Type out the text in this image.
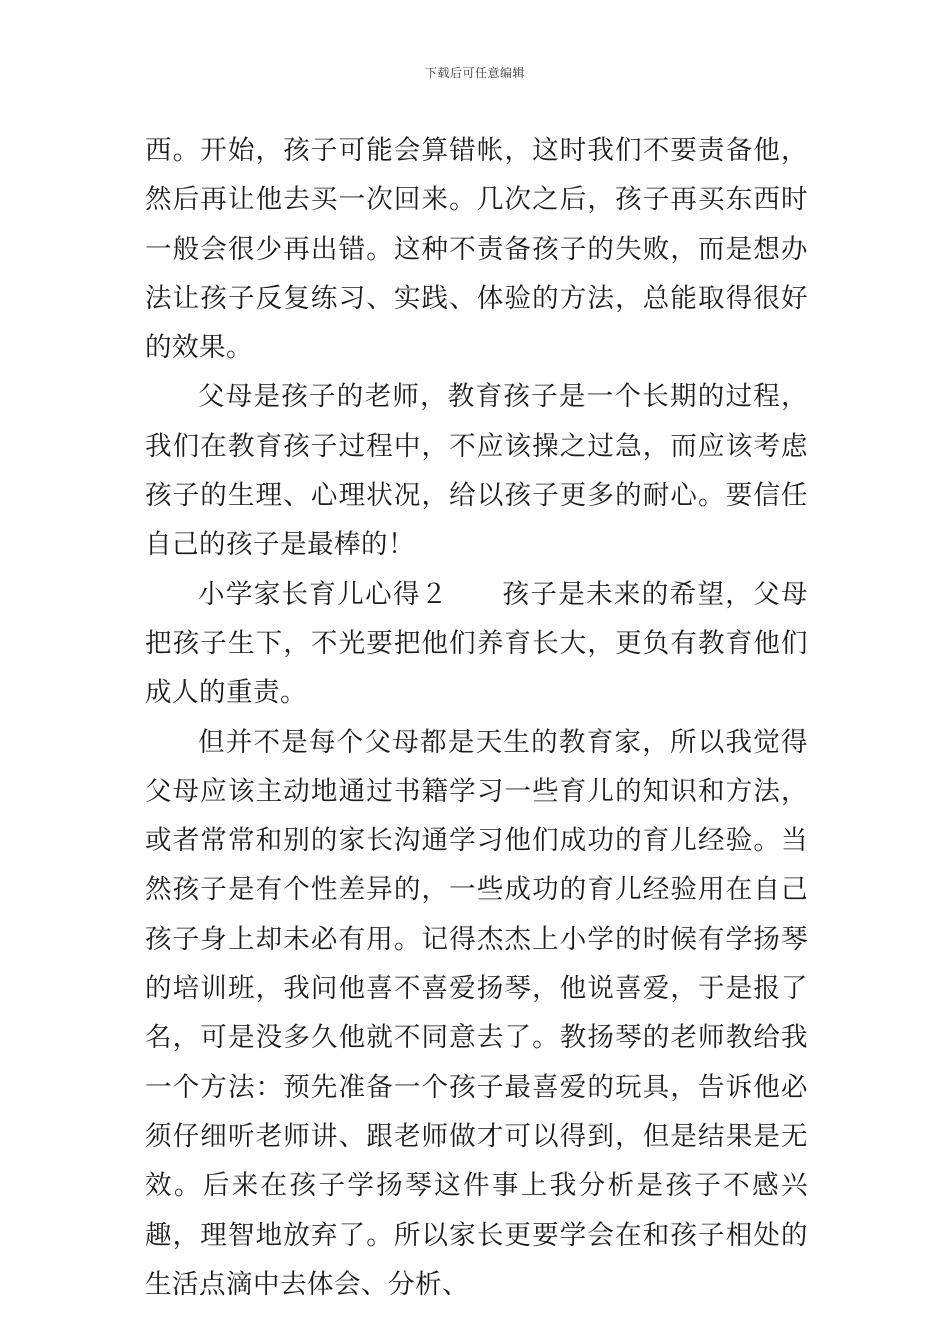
下载后可任意编辑

西。开始，孩子可能会算错帐，这时我们不要责备他，然后再让他去买一次回来。几次之后，孩子再买东西时一般会很少再出错。这种不责备孩子的失败，而是想办法让孩子反复练习、实践、体验的方法，总能取得很好的效果。

父母是孩子的老师，教育孩子是一个长期的过程，我们在教育孩子过程中，不应该操之过急，而应该考虑孩子的生理、心理状况，给以孩子更多的耐心。要信任自己的孩子是最棒的！

小学家长育儿心得２ 孩子是未来的希望，父母把孩子生下，不光要把他们养育长大，更负有教育他们成人的重责。

但并不是每个父母都是天生的教育家，所以我觉得父母应该主动地通过书籍学习一些育儿的知识和方法，或者常常和别的家长沟通学习他们成功的育儿经验。当然孩子是有个性差异的，一些成功的育儿经验用在自己孩子身上却未必有用。记得杰杰上小学的时候有学扬琴的培训班，我问他喜不喜爱扬琴，他说喜爱，于是报了名，可是没多久他就不同意去了。教扬琴的老师教给我一个方法：预先准备一个孩子最喜爱的玩具，告诉他必须仔细听老师讲、跟老师做才可以得到，但是结果是无效。后来在孩子学扬琴这件事上我分析是孩子不感兴趣，理智地放弃了。所以家长更要学会在和孩子相处的生活点滴中去体会、分析、
